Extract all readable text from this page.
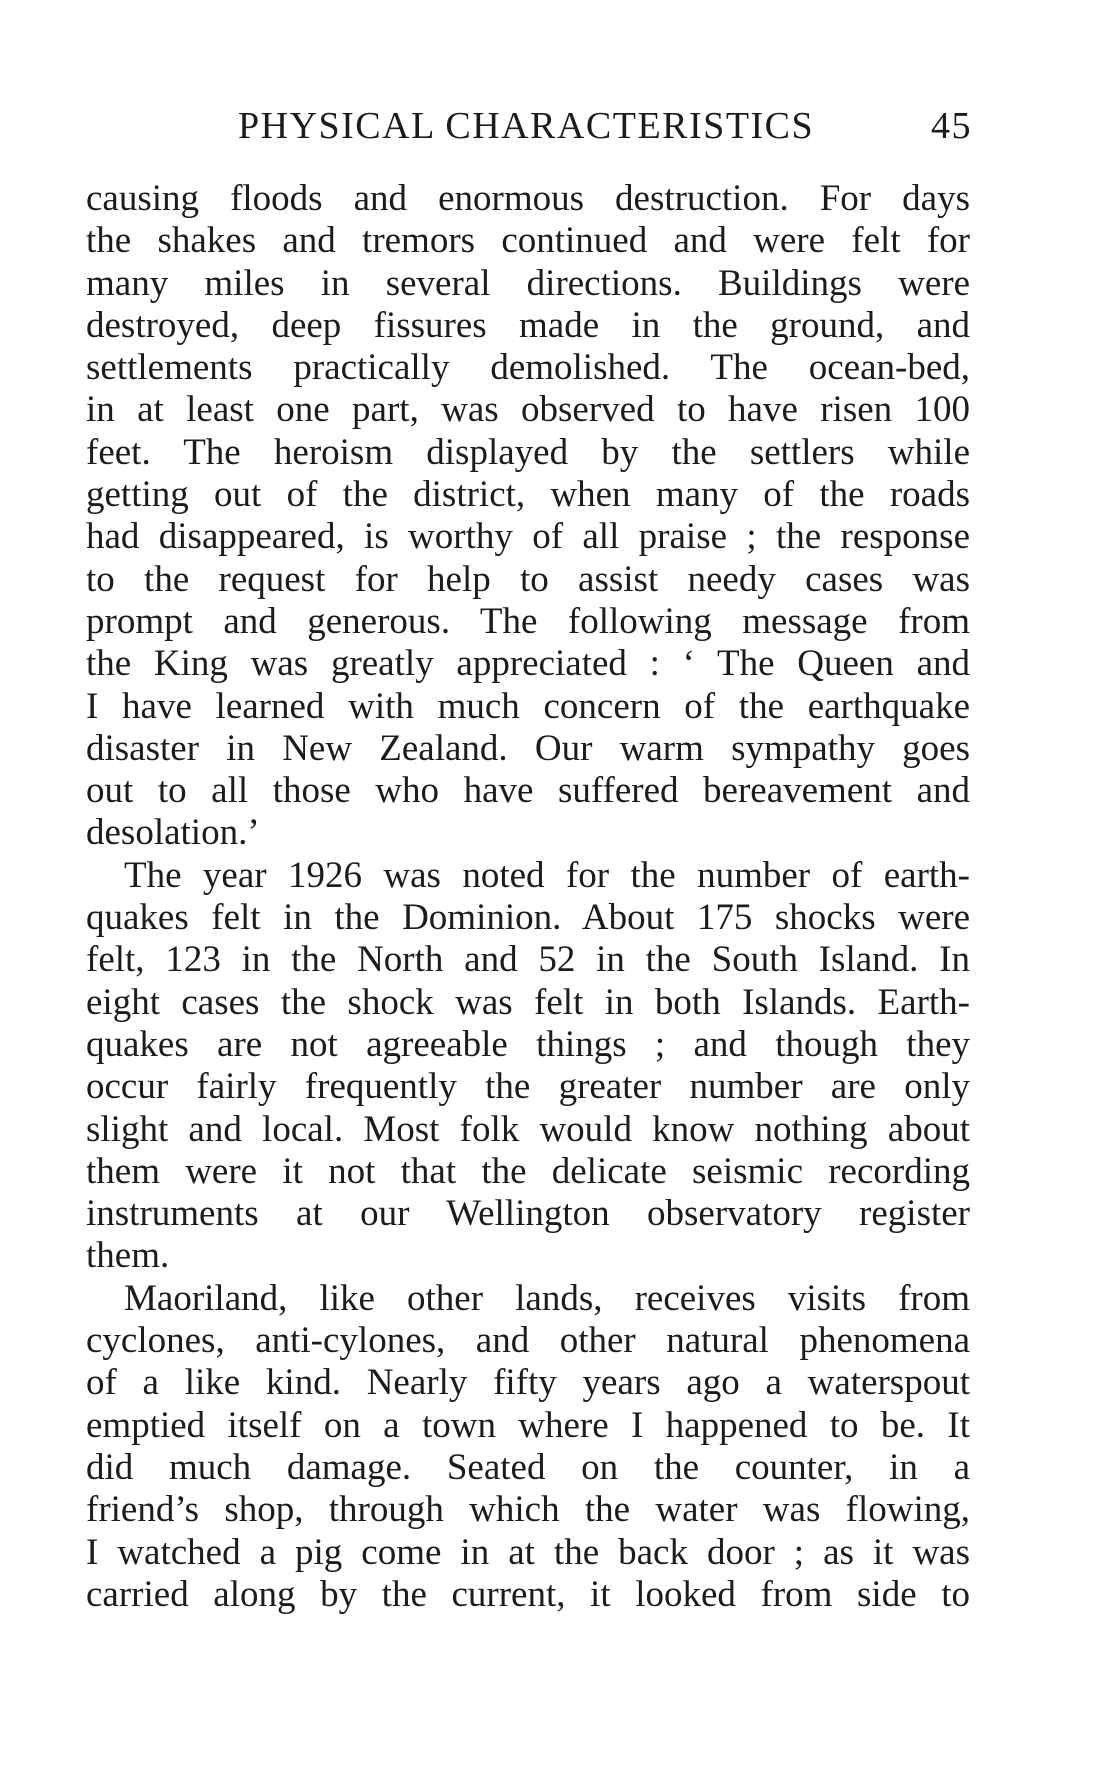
PHYSICAL CHARACTERISTICS	45
causing floods and enormous destruction. For days
the shakes and tremors continued and were felt for
many miles in several directions. Buildings were
destroyed, deep fissures made in the ground, and
settlements practically demolished. The ocean-bed,
in at least one part, was observed to have risen 100
feet. The heroism displayed by the settlers while
getting out of the district, when many of the roads
had disappeared, is worthy of all praise ; the response
to the request for help to assist needy cases was
prompt and generous. The following message from
the King was greatly appreciated : ‘ The Queen and
I have learned with much concern of the earthquake
disaster in New Zealand. Our warm sympathy goes
out to all those who have suffered bereavement and
desolation.’
The year 1926 was noted for the number of earth-
quakes felt in the Dominion. About 175 shocks were
felt, 123 in the North and 52 in the South Island. In
eight cases the shock was felt in both Islands. Earth-
quakes are not agreeable things ; and though they
occur fairly frequently the greater number are only
slight and local. Most folk would know nothing about
them were it not that the delicate seismic recording
instruments at our Wellington observatory register
them.
Maoriland, like other lands, receives visits from
cyclones, anti-cylones, and other natural phenomena
of a like kind. Nearly fifty years ago a waterspout
emptied itself on a town where I happened to be. It
did much damage. Seated on the counter, in a
friend’s shop, through which the water was flowing,
I watched a pig come in at the back door ; as it was
carried along by the current, it looked from side to
